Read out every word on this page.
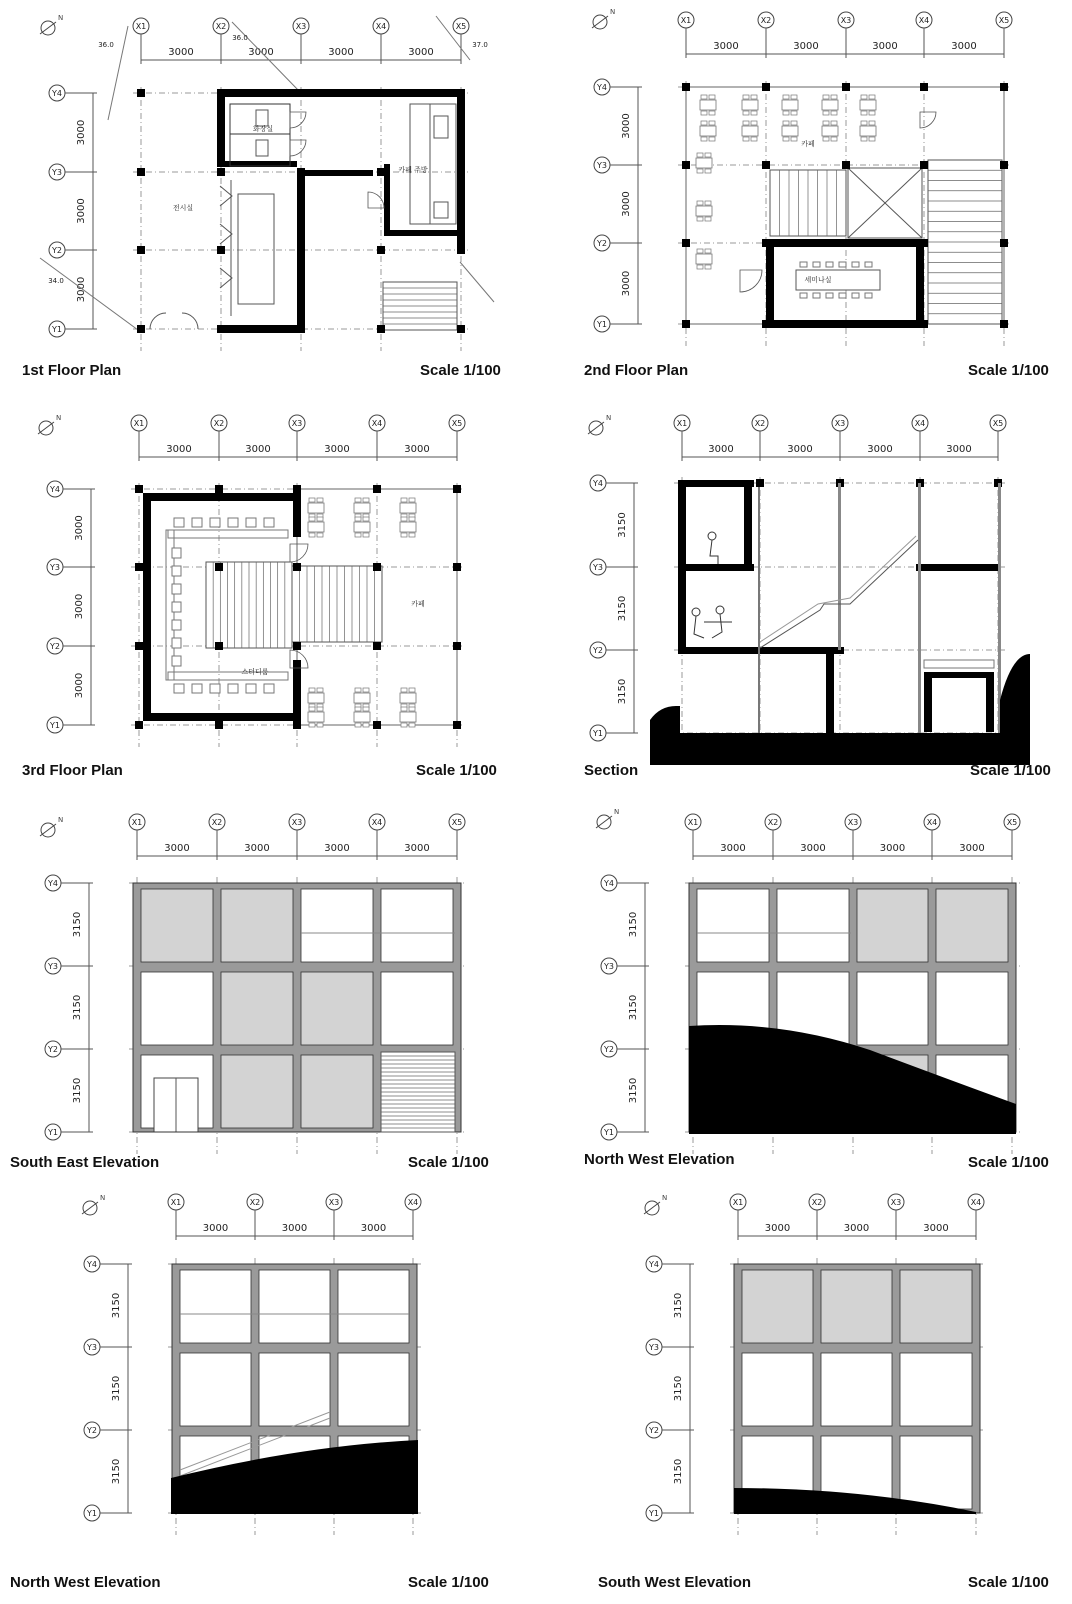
X1	X2	X3	X4	X5
3000	3000	3000	3000
Y4
Y3
Y2
Y1
3000
3000
3000
N
36.0
36.0
37.0
34.0
화장실
카페 주방
전시실
X1	X2	X3	X4	X5
3000	3000	3000	3000
Y4
Y3
Y2
Y1
3000
3000
3000
N
카페
세미나실
X1	X2	X3	X4	X5
3000	3000	3000	3000
Y4
Y3
Y2
Y1
3000
3000
3000
N
카페
스터디룸
X1	X2	X3	X4	X5
3000	3000	3000	3000
Y4
Y3
Y2
Y1
3150
3150
3150
N
X1	X2	X3	X4	X5
3000	3000	3000	3000
Y4
Y3
Y2
Y1
3150
3150
3150
N	X1	X2	X3	X4	X5
3000	3000	3000	3000
Y4
Y3
Y2
Y1
3150
3150
3150
N
X1	X2	X3	X4
3000	3000	3000
Y4
Y3
Y2
Y1
3150
3150
3150
N	X1	X2	X3	X4
3000	3000	3000
Y4
Y3
Y2
Y1
3150
3150
3150
N
1st Floor Plan	Scale 1/100	2nd Floor Plan	Scale 1/100
3rd Floor Plan	Scale 1/100	Section	Scale 1/100
South East Elevation	Scale 1/100	North West Elevation	Scale 1/100
North West Elevation	Scale 1/100	South West Elevation	Scale 1/100
